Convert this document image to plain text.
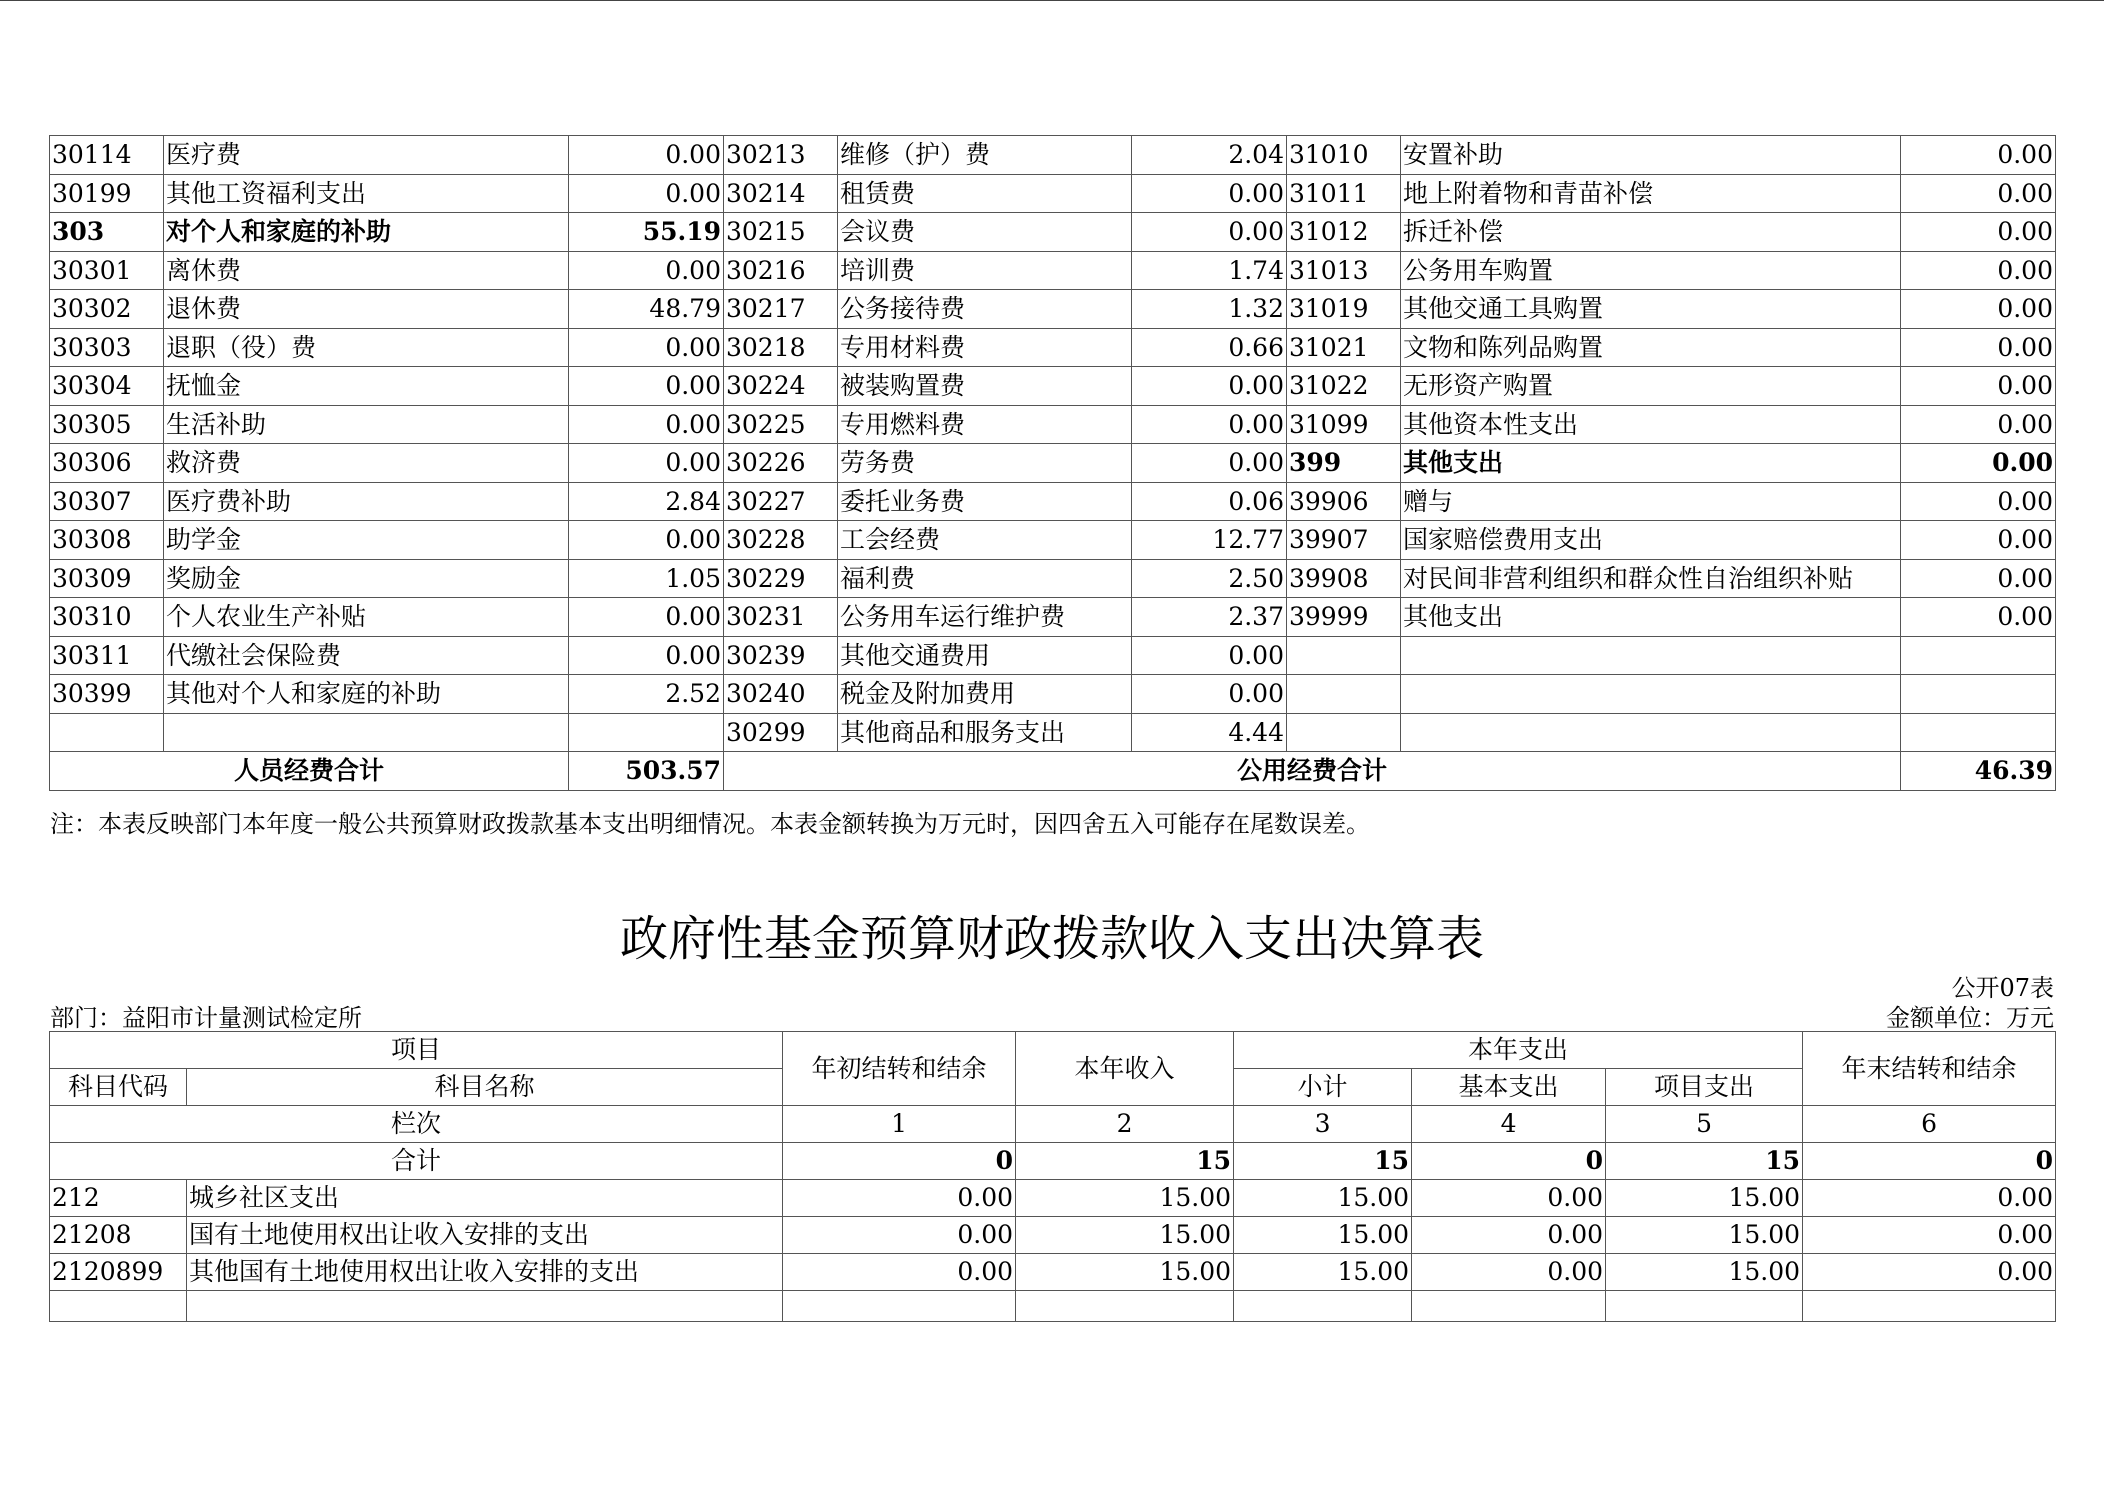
30114	医疗费	0.00	30213	维修（护）费	2.04	31010	安置补助	0.00
30199	其他工资福利支出	0.00	30214	租赁费	0.00	31011	地上附着物和青苗补偿	0.00
303	对个人和家庭的补助	55.19	30215	会议费	0.00	31012	拆迁补偿	0.00
30301	离休费	0.00	30216	培训费	1.74	31013	公务用车购置	0.00
30302	退休费	48.79	30217	公务接待费	1.32	31019	其他交通工具购置	0.00
30303	退职（役）费	0.00	30218	专用材料费	0.66	31021	文物和陈列品购置	0.00
30304	抚恤金	0.00	30224	被装购置费	0.00	31022	无形资产购置	0.00
30305	生活补助	0.00	30225	专用燃料费	0.00	31099	其他资本性支出	0.00
30306	救济费	0.00	30226	劳务费	0.00	399	其他支出	0.00
30307	医疗费补助	2.84	30227	委托业务费	0.06	39906	赠与	0.00
30308	助学金	0.00	30228	工会经费	12.77	39907	国家赔偿费用支出	0.00
30309	奖励金	1.05	30229	福利费	2.50	39908	对民间非营利组织和群众性自治组织补贴	0.00
30310	个人农业生产补贴	0.00	30231	公务用车运行维护费	2.37	39999	其他支出	0.00
30311	代缴社会保险费	0.00	30239	其他交通费用	0.00			
30399	其他对个人和家庭的补助	2.52	30240	税金及附加费用	0.00			
			30299	其他商品和服务支出	4.44			
人员经费合计		503.57	公用经费合计					46.39
注：本表反映部门本年度一般公共预算财政拨款基本支出明细情况。本表金额转换为万元时，因四舍五入可能存在尾数误差。
政府性基金预算财政拨款收入支出决算表
公开07表
部门：益阳市计量测试检定所	金额单位：万元
项目		年初结转和结余	本年收入	本年支出			年末结转和结余
科目代码	科目名称			小计	基本支出	项目支出	
栏次		1	2	3	4	5	6
合计		0	15	15	0	15	0
212	城乡社区支出	0.00	15.00	15.00	0.00	15.00	0.00
21208	国有土地使用权出让收入安排的支出	0.00	15.00	15.00	0.00	15.00	0.00
2120899	其他国有土地使用权出让收入安排的支出	0.00	15.00	15.00	0.00	15.00	0.00
